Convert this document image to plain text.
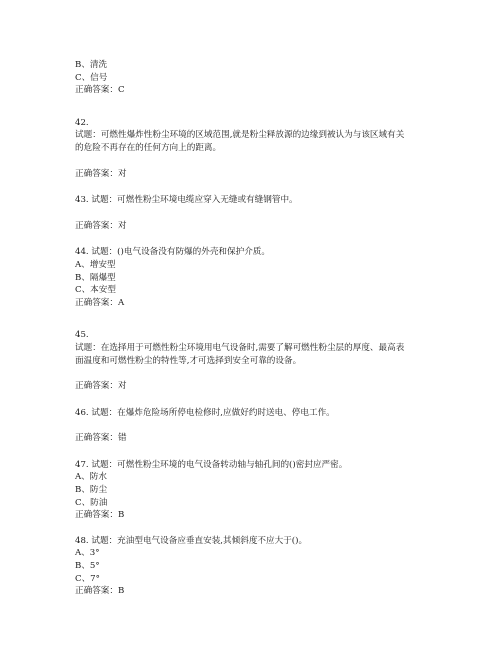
B、清洗
C、信号
正确答案：C
42.
试题：可燃性爆炸性粉尘环境的区域范围,就是粉尘释放源的边缘到被认为与该区域有关的危险不再存在的任何方向上的距离。
正确答案：对
43. 试题：可燃性粉尘环境电缆应穿入无缝或有缝钢管中。
正确答案：对
44. 试题：()电气设备没有防爆的外壳和保护介质。
A、增安型
B、隔爆型
C、本安型
正确答案：A
45.
试题：在选择用于可燃性粉尘环境用电气设备时,需要了解可燃性粉尘层的厚度、最高表面温度和可燃性粉尘的特性等,才可选择到安全可靠的设备。
正确答案：对
46. 试题：在爆炸危险场所停电检修时,应做好约时送电、停电工作。
正确答案：错
47. 试题：可燃性粉尘环境的电气设备转动轴与轴孔间的()密封应严密。
A、防水
B、防尘
C、防油
正确答案：B
48. 试题：充油型电气设备应垂直安装,其倾斜度不应大于()。
A、3°
B、5°
C、7°
正确答案：B
